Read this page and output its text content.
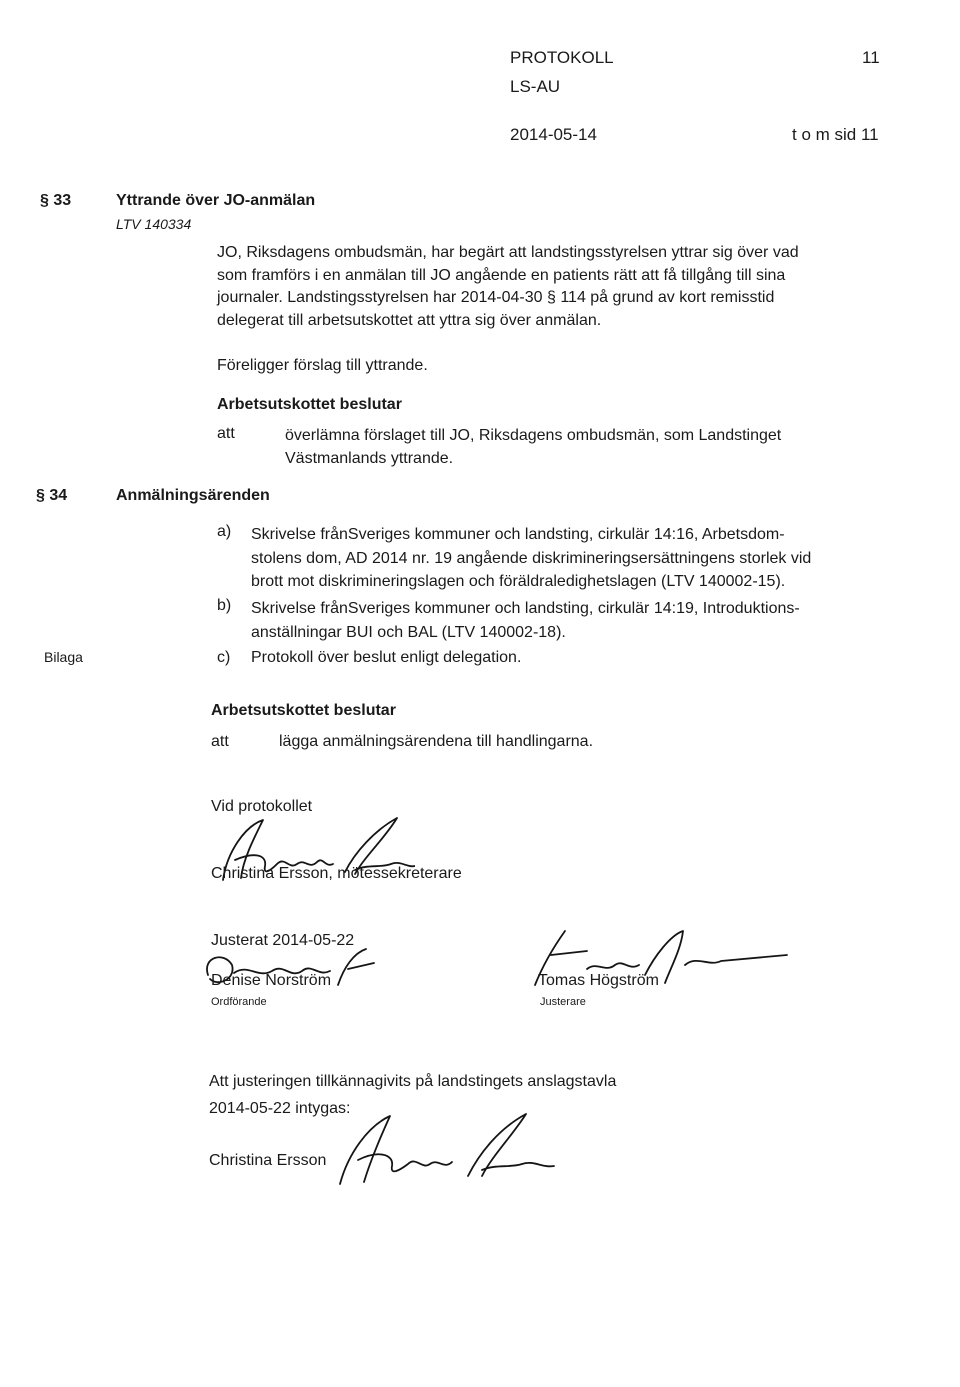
PROTOKOLL	11
LS-AU
2014-05-14	t o m sid 11
§ 33	Yttrande över JO-anmälan
LTV 140334
JO, Riksdagens ombudsmän, har begärt att landstingsstyrelsen yttrar sig över vad
som framförs i en anmälan till JO angående en patients rätt att få tillgång till sina
journaler. Landstingsstyrelsen har 2014-04-30 § 114 på grund av kort remisstid
delegerat till arbetsutskottet att yttra sig över anmälan.
Föreligger förslag till yttrande.
Arbetsutskottet beslutar
att	överlämna förslaget till JO, Riksdagens ombudsmän, som Landstinget
Västmanlands yttrande.
§ 34	Anmälningsärenden
a) Skrivelse frånSveriges kommuner och landsting, cirkulär 14:16, Arbetsdom-
stolens dom, AD 2014 nr. 19 angående diskrimineringsersättningens storlek vid
brott mot diskrimineringslagen och föräldraledighetslagen (LTV 140002-15).
b) Skrivelse frånSveriges kommuner och landsting, cirkulär 14:19, Introduktions-
anställningar BUI och BAL (LTV 140002-18).
Bilaga	c) Protokoll över beslut enligt delegation.
Arbetsutskottet beslutar
att	lägga anmälningsärendena till handlingarna.
Vid protokollet
Christina Ersson, mötessekreterare
Justerat 2014-05-22
Denise Norström
Ordförande
Tomas Högström
Justerare
Att justeringen tillkännagivits på landstingets anslagstavla
2014-05-22 intygas:
Christina Ersson
